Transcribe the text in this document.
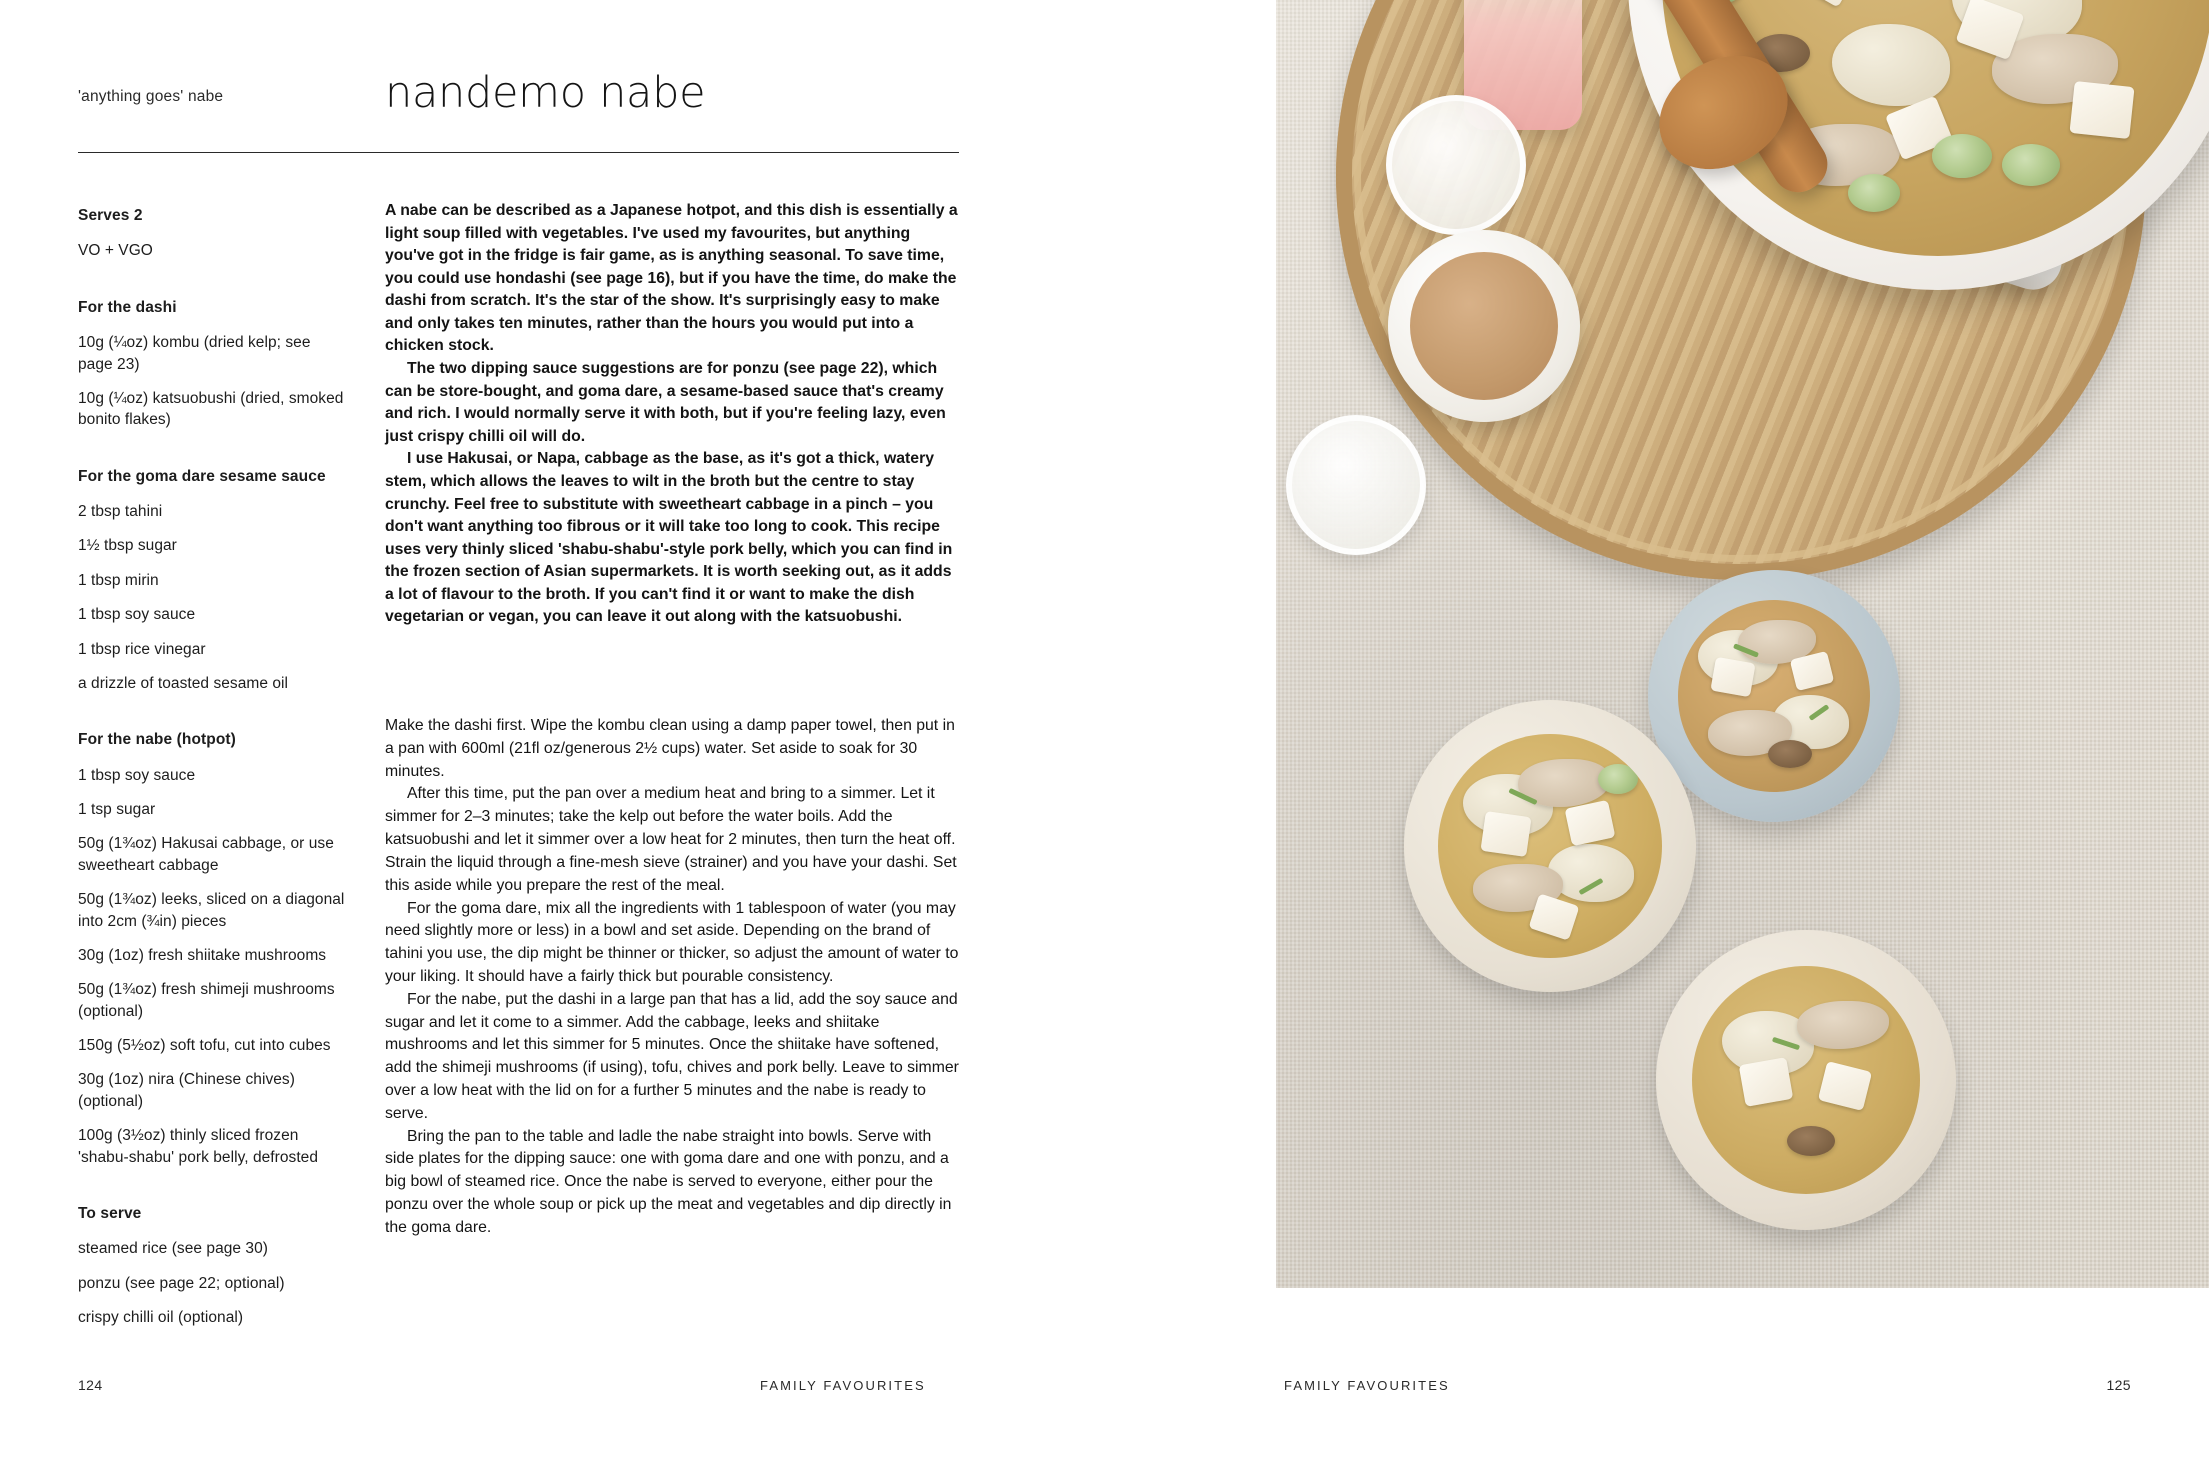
'anything goes' nabe	nandemo nabe
Serves 2
VO + VGO
For the dashi
10g (¼oz) kombu (dried kelp; see page 23)
10g (¼oz) katsuobushi (dried, smoked bonito flakes)
For the goma dare sesame sauce
2 tbsp tahini
1½ tbsp sugar
1 tbsp mirin
1 tbsp soy sauce
1 tbsp rice vinegar
a drizzle of toasted sesame oil
For the nabe (hotpot)
1 tbsp soy sauce
1 tsp sugar
50g (1¾oz) Hakusai cabbage, or use sweetheart cabbage
50g (1¾oz) leeks, sliced on a diagonal into 2cm (¾in) pieces
30g (1oz) fresh shiitake mushrooms
50g (1¾oz) fresh shimeji mushrooms (optional)
150g (5½oz) soft tofu, cut into cubes
30g (1oz) nira (Chinese chives) (optional)
100g (3½oz) thinly sliced frozen 'shabu-shabu' pork belly, defrosted
To serve
steamed rice (see page 30)
ponzu (see page 22; optional)
crispy chilli oil (optional)

A nabe can be described as a Japanese hotpot, and this dish is essentially a light soup filled with vegetables. I've used my favourites, but anything you've got in the fridge is fair game, as is anything seasonal. To save time, you could use hondashi (see page 16), but if you have the time, do make the dashi from scratch. It's the star of the show. It's surprisingly easy to make and only takes ten minutes, rather than the hours you would put into a chicken stock.

The two dipping sauce suggestions are for ponzu (see page 22), which can be store-bought, and goma dare, a sesame-based sauce that's creamy and rich. I would normally serve it with both, but if you're feeling lazy, even just crispy chilli oil will do.

I use Hakusai, or Napa, cabbage as the base, as it's got a thick, watery stem, which allows the leaves to wilt in the broth but the centre to stay crunchy. Feel free to substitute with sweetheart cabbage in a pinch – you don't want anything too fibrous or it will take too long to cook. This recipe uses very thinly sliced 'shabu-shabu'-style pork belly, which you can find in the frozen section of Asian supermarkets. It is worth seeking out, as it adds a lot of flavour to the broth. If you can't find it or want to make the dish vegetarian or vegan, you can leave it out along with the katsuobushi.

Make the dashi first. Wipe the kombu clean using a damp paper towel, then put in a pan with 600ml (21fl oz/generous 2½ cups) water. Set aside to soak for 30 minutes.

After this time, put the pan over a medium heat and bring to a simmer. Let it simmer for 2–3 minutes; take the kelp out before the water boils. Add the katsuobushi and let it simmer over a low heat for 2 minutes, then turn the heat off. Strain the liquid through a fine-mesh sieve (strainer) and you have your dashi. Set this aside while you prepare the rest of the meal.

For the goma dare, mix all the ingredients with 1 tablespoon of water (you may need slightly more or less) in a bowl and set aside. Depending on the brand of tahini you use, the dip might be thinner or thicker, so adjust the amount of water to your liking. It should have a fairly thick but pourable consistency.

For the nabe, put the dashi in a large pan that has a lid, add the soy sauce and sugar and let it come to a simmer. Add the cabbage, leeks and shiitake mushrooms and let this simmer for 5 minutes. Once the shiitake have softened, add the shimeji mushrooms (if using), tofu, chives and pork belly. Leave to simmer over a low heat with the lid on for a further 5 minutes and the nabe is ready to serve.

Bring the pan to the table and ladle the nabe straight into bowls. Serve with side plates for the dipping sauce: one with goma dare and one with ponzu, and a big bowl of steamed rice. Once the nabe is served to everyone, either pour the ponzu over the whole soup or pick up the meat and vegetables and dip directly in the goma dare.

124	FAMILY FAVOURITES	125
FAMILY FAVOURITES
